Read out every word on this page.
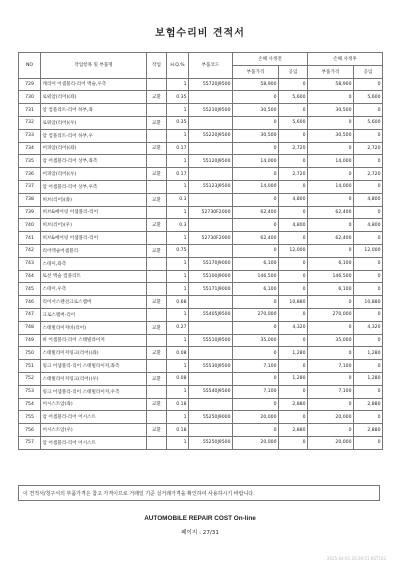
보험수리비 견적서
NO	작업항목 및 부품명	작업	H.Q.%	부품코드	손해 사정전		손해 사정후	
					부품가격	공임	부품가격	공임
729	캐리어 어셈블리-리어 액슬,우측		1	55720J9500	58,900	0	58,900	0
730	로워암(리어)(좌)	교환	0.35		0	5,600	0	5,600
731	암 컴플리트-리어 하부,좌		1	55210J9500	30,500	0	30,500	0
732	로워암(리어)(우)	교환	0.35		0	5,600	0	5,600
733	암 컴플리트-리어 하부,우		1	55220J9500	30,500	0	30,500	0
734	어퍼암(리어)(좌)	교환	0.17		0	2,720	0	2,720
735	암 어셈블리-리어 상부,좌측		1	55120J9500	14,000	0	14,000	0
736	어퍼암(리어)(우)	교환	0.17		0	2,720	0	2,720
737	암 어셈블리-리어 상부,우측		1	55123J9500	14,000	0	14,000	0
738	허브(리어)(좌)	교환	0.3		0	4,800	0	4,800
739	허브&베어링 어셈블리-리어		1	52730F2000	62,400	0	62,400	0
740	허브(리어)(우)	교환	0.3		0	4,800	0	4,800
741	허브&베어링 어셈블리-리어		1	52730F2000	62,400	0	62,400	0
742	리어액슬어셈블리	교환	0.75		0	12,000	0	12,000
743	스테이,좌측		1	55170J9000	6,100	0	6,100	0
744	토션 액슬 컴플리트		1	55100J9000	146,500	0	146,500	0
745	스테이,우측		1	55171J9000	6,100	0	6,100	0
746	리어서스펜션크로스멤버	교환	0.68		0	10,880	0	10,880
747	크로스멤버-리어		1	55405J9500	270,000	0	270,000	0
748	스태빌라이저바(리어)	교환	0.27		0	4,320	0	4,320
749	바 어셈블리-리어 스태빌라이저		1	55510J9500	35,000	0	35,000	0
750	스태빌라이저링크(리어)(좌)	교환	0.08		0	1,280	0	1,280
751	링크 어셈블리-리어 스태빌라이저,좌측		1	55530J9500	7,100	0	7,100	0
752	스태빌라이저링크(리어)(우)	교환	0.08		0	1,280	0	1,280
753	링크 어셈블리-리어 스태빌라이저,우측		1	55540J9500	7,100	0	7,100	0
754	어시스트암(좌)	교환	0.18		0	2,880	0	2,880
755	암 어셈블리-리어 어시스트		1	55250J9000	20,000	0	20,000	0
756	어시스트암(우)	교환	0.18		0	2,880	0	2,880
757	암 어셈블리-리어 어시스트		1	55250J9500	20,000	0	20,000	0
이 견적서/청구서의 부품가격은 참고 가격이므로 거래일 기준 실거래가격을 확인하여 사용하시기 바랍니다.
AUTOMOBILE REPAIR COST On-line
페이지 : 27/31
2025-04-01 26:39:51 KST102
